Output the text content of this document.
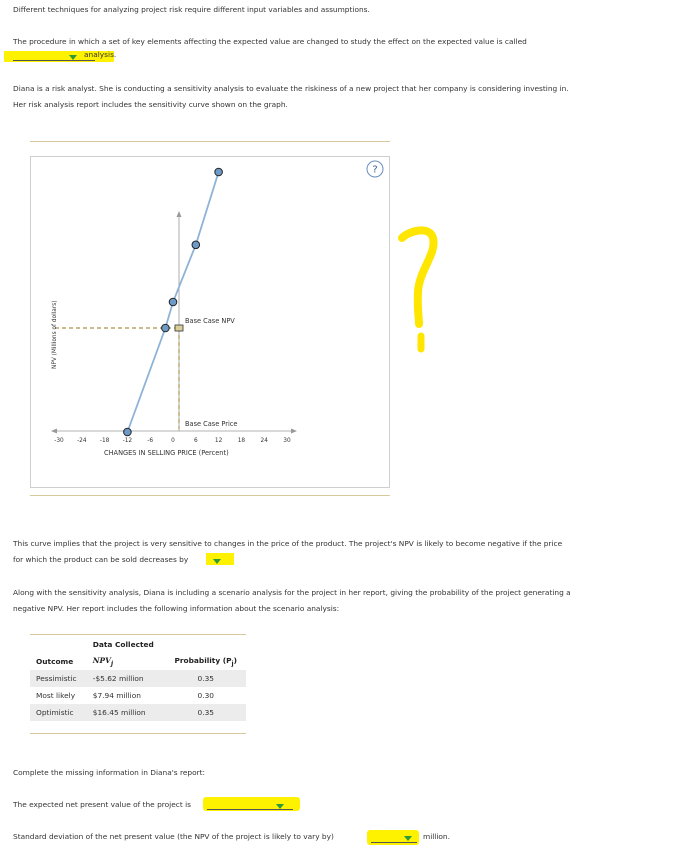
Different techniques for analyzing project risk require different input variables and assumptions.
The procedure in which a set of key elements affecting the expected value are changed to study the effect on the expected value is called
analysis.
Diana is a risk analyst. She is conducting a sensitivity analysis to evaluate the riskiness of a new project that her company is considering investing in.
Her risk analysis report includes the sensitivity curve shown on the graph.
?
Base Case NPV
Base Case Price
-30 -24 -18 -12	-6	0	6	12	18	24	30
CHANGES IN SELLING PRICE (Percent)
NPV (Millions of dollars)
This curve implies that the project is very sensitive to changes in the price of the product. The project's NPV is likely to become negative if the price
for which the product can be sold decreases by
Along with the sensitivity analysis, Diana is including a scenario analysis for the project in her report, giving the probability of the project generating a
negative NPV. Her report includes the following information about the scenario analysis:
	Data Collected	
Outcome	$NPV_j$	Probability $(P_j)$
Pessimistic	-$5.62 million	0.35
Most likely	$7.94 million	0.30
Optimistic	$16.45 million	0.35
Complete the missing information in Diana's report:
The expected net present value of the project is
Standard deviation of the net present value (the NPV of the project is likely to vary by)	million.
